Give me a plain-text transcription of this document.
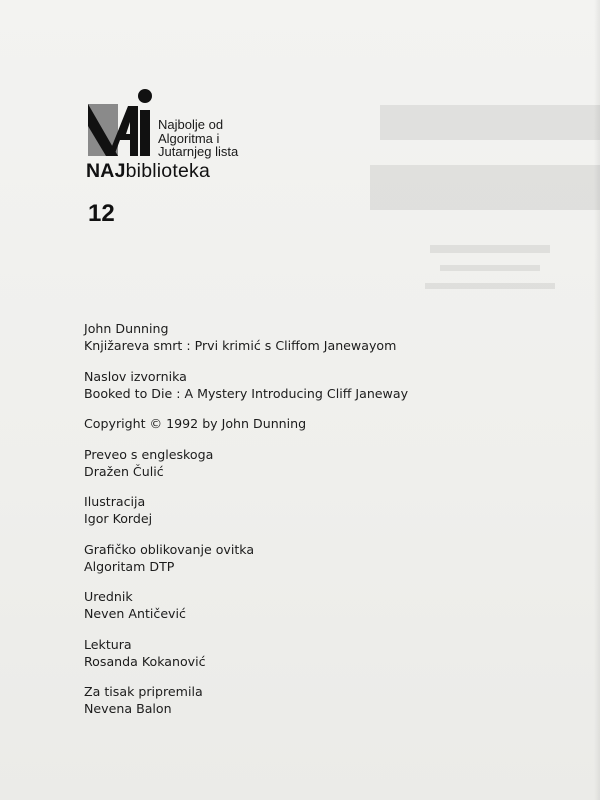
Najbolje od
Algoritma i
Jutarnjeg lista
NAJbiblioteka
12
John Dunning
Knjižareva smrt : Prvi krimić s Cliffom Janewayom
Naslov izvornika
Booked to Die : A Mystery Introducing Cliff Janeway
Copyright © 1992 by John Dunning
Preveo s engleskoga
Dražen Čulić
Ilustracija
Igor Kordej
Grafičko oblikovanje ovitka
Algoritam DTP
Urednik
Neven Antičević
Lektura
Rosanda Kokanović
Za tisak pripremila
Nevena Balon
